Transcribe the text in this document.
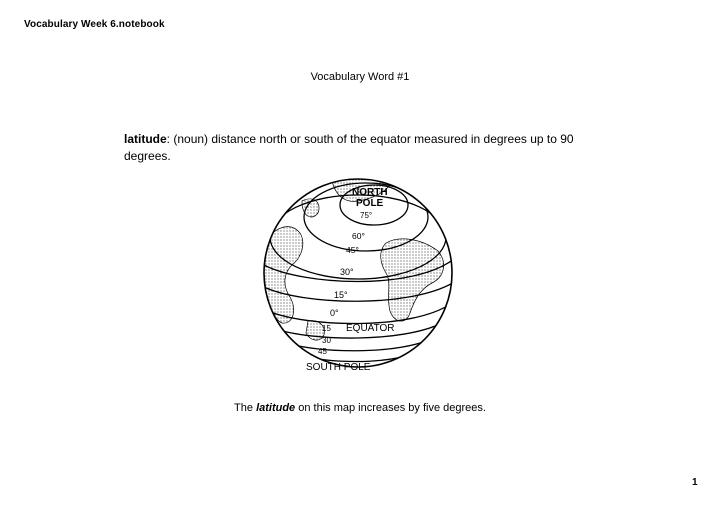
Vocabulary Week 6.notebook
Vocabulary Word #1
latitude: (noun) distance north or south of the equator measured in degrees up to 90 degrees.
NORTH
POLE
75°
60°
45°
30°
15°
0°
EQUATOR
15
30
45
SOUTH POLE
The latitude on this map increases by five degrees.
1
